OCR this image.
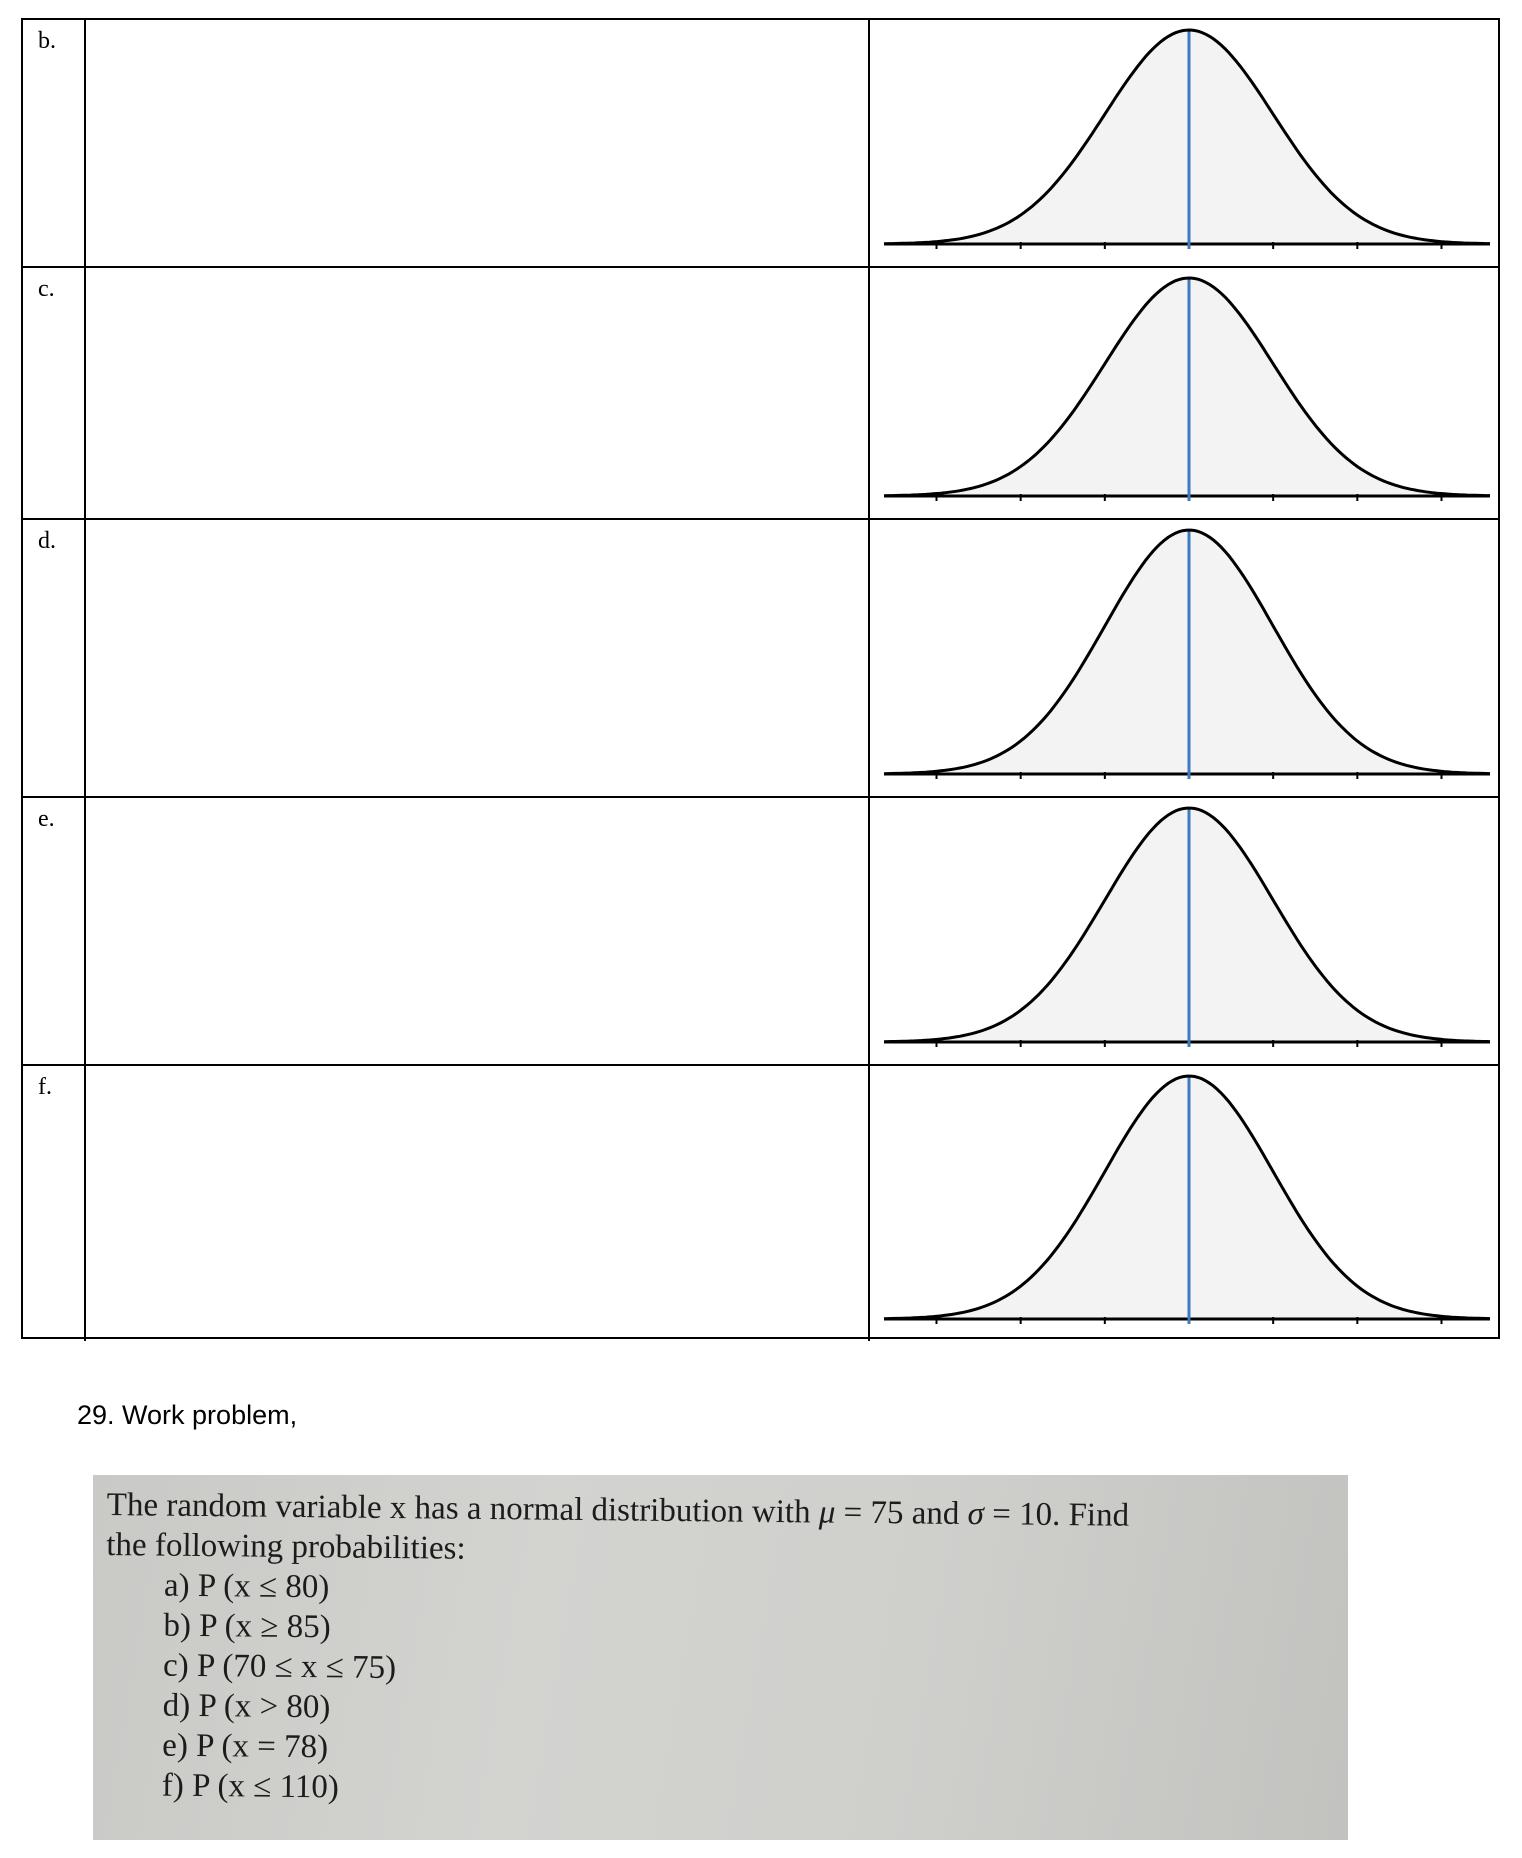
b.
c.
d.
e.
f.
29. Work problem,
The random variable x has a normal distribution with μ = 75 and σ = 10. Find
the following probabilities:
a) P (x ≤ 80)
b) P (x ≥ 85)
c) P (70 ≤ x ≤ 75)
d) P (x > 80)
e) P (x = 78)
f) P (x ≤ 110)
